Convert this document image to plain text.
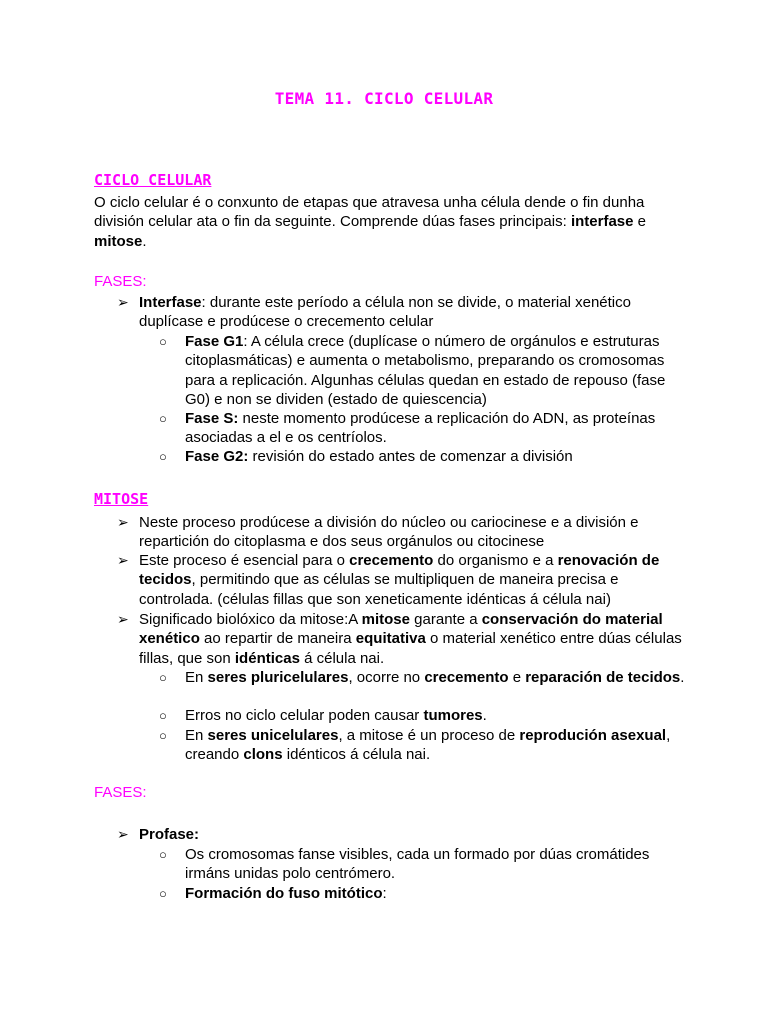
TEMA 11. CICLO CELULAR
CICLO CELULAR
O ciclo celular é o conxunto de etapas que atravesa unha célula dende o fin dunha división celular ata o fin da seguinte. Comprende dúas fases principais: interfase e mitose.
FASES:
➢ Interfase: durante este período a célula non se divide, o material xenético duplícase e prodúcese o crecemento celular
○ Fase G1: A célula crece (duplícase o número de orgánulos e estruturas citoplasmáticas) e aumenta o metabolismo, preparando os cromosomas para a replicación. Algunhas células quedan en estado de repouso (fase G0) e non se dividen (estado de quiescencia)
○ Fase S: neste momento prodúcese a replicación do ADN, as proteínas asociadas a el e os centríolos.
○ Fase G2: revisión do estado antes de comenzar a división
MITOSE
➢ Neste proceso prodúcese a división do núcleo ou cariocinese e a división e repartición do citoplasma e dos seus orgánulos ou citocinese
➢ Este proceso é esencial para o crecemento do organismo e a renovación de tecidos, permitindo que as células se multipliquen de maneira precisa e controlada. (células fillas que son xeneticamente idénticas á célula nai)
➢ Significado biolóxico da mitose:A mitose garante a conservación do material xenético ao repartir de maneira equitativa o material xenético entre dúas células fillas, que son idénticas á célula nai.
○ En seres pluricelulares, ocorre no crecemento e reparación de tecidos.
○ Erros no ciclo celular poden causar tumores.
○ En seres unicelulares, a mitose é un proceso de reprodución asexual, creando clons idénticos á célula nai.
FASES:
➢ Profase:
○ Os cromosomas fanse visibles, cada un formado por dúas cromátides irmáns unidas polo centrómero.
○ Formación do fuso mitótico:
